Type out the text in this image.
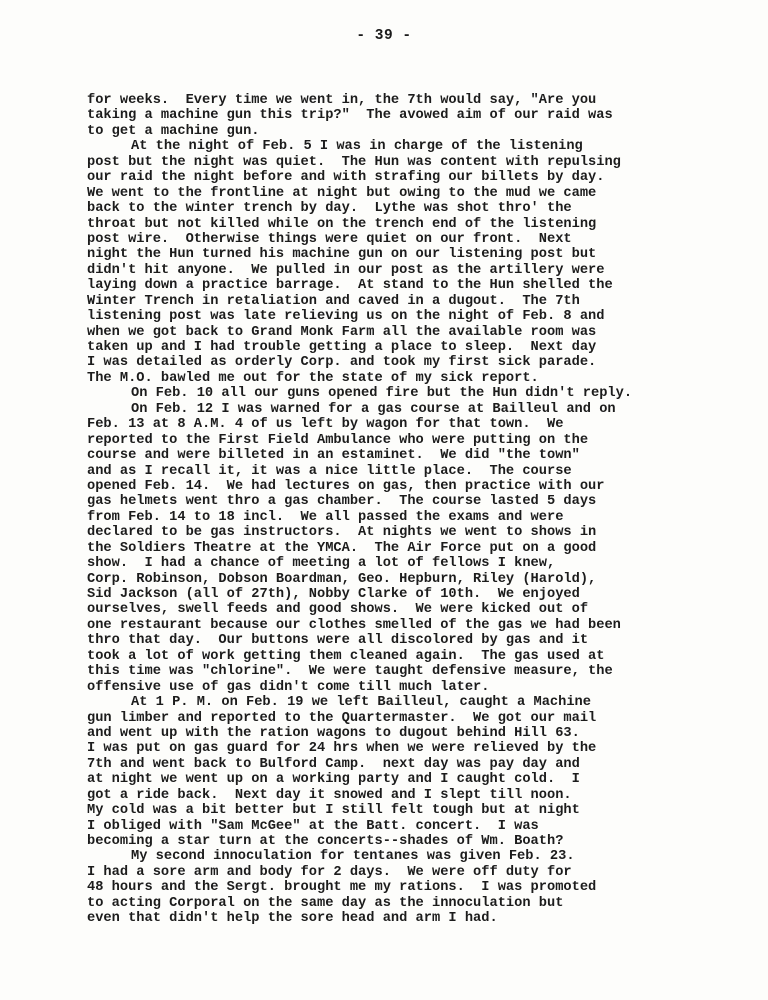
- 39 -
for weeks.  Every time we went in, the 7th would say, "Are you
taking a machine gun this trip?"  The avowed aim of our raid was
to get a machine gun.
At the night of Feb. 5 I was in charge of the listening
post but the night was quiet.  The Hun was content with repulsing
our raid the night before and with strafing our billets by day.
We went to the frontline at night but owing to the mud we came
back to the winter trench by day.  Lythe was shot thro' the
throat but not killed while on the trench end of the listening
post wire.  Otherwise things were quiet on our front.  Next
night the Hun turned his machine gun on our listening post but
didn't hit anyone.  We pulled in our post as the artillery were
laying down a practice barrage.  At stand to the Hun shelled the
Winter Trench in retaliation and caved in a dugout.  The 7th
listening post was late relieving us on the night of Feb. 8 and
when we got back to Grand Monk Farm all the available room was
taken up and I had trouble getting a place to sleep.  Next day
I was detailed as orderly Corp. and took my first sick parade.
The M.O. bawled me out for the state of my sick report.
On Feb. 10 all our guns opened fire but the Hun didn't reply.
On Feb. 12 I was warned for a gas course at Bailleul and on
Feb. 13 at 8 A.M. 4 of us left by wagon for that town.  We
reported to the First Field Ambulance who were putting on the
course and were billeted in an estaminet.  We did "the town"
and as I recall it, it was a nice little place.  The course
opened Feb. 14.  We had lectures on gas, then practice with our
gas helmets went thro a gas chamber.  The course lasted 5 days
from Feb. 14 to 18 incl.  We all passed the exams and were
declared to be gas instructors.  At nights we went to shows in
the Soldiers Theatre at the YMCA.  The Air Force put on a good
show.  I had a chance of meeting a lot of fellows I knew,
Corp. Robinson, Dobson Boardman, Geo. Hepburn, Riley (Harold),
Sid Jackson (all of 27th), Nobby Clarke of 10th.  We enjoyed
ourselves, swell feeds and good shows.  We were kicked out of
one restaurant because our clothes smelled of the gas we had been
thro that day.  Our buttons were all discolored by gas and it
took a lot of work getting them cleaned again.  The gas used at
this time was "chlorine".  We were taught defensive measure, the
offensive use of gas didn't come till much later.
At 1 P. M. on Feb. 19 we left Bailleul, caught a Machine
gun limber and reported to the Quartermaster.  We got our mail
and went up with the ration wagons to dugout behind Hill 63.
I was put on gas guard for 24 hrs when we were relieved by the
7th and went back to Bulford Camp.  next day was pay day and
at night we went up on a working party and I caught cold.  I
got a ride back.  Next day it snowed and I slept till noon.
My cold was a bit better but I still felt tough but at night
I obliged with "Sam McGee" at the Batt. concert.  I was
becoming a star turn at the concerts--shades of Wm. Boath?
My second innoculation for tentanes was given Feb. 23.
I had a sore arm and body for 2 days.  We were off duty for
48 hours and the Sergt. brought me my rations.  I was promoted
to acting Corporal on the same day as the innoculation but
even that didn't help the sore head and arm I had.
